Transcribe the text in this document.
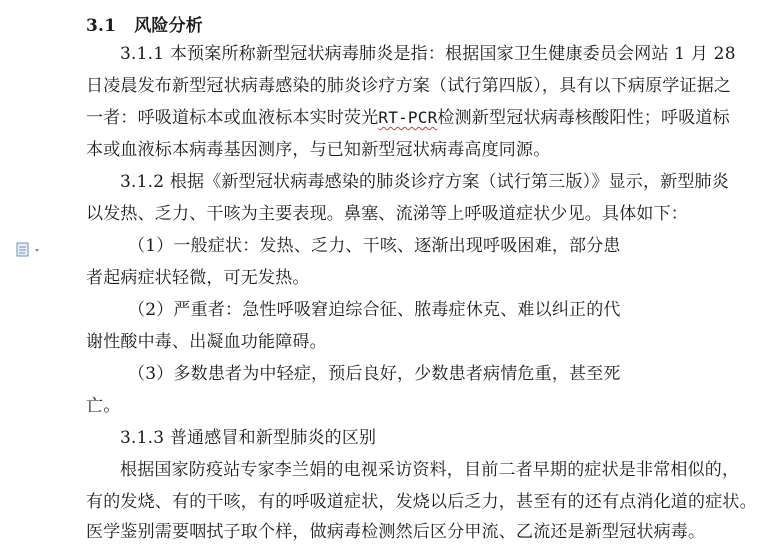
3.1 风险分析
3.1.1 本预案所称新型冠状病毒肺炎是指：根据国家卫生健康委员会网站 1 月 28
日凌晨发布新型冠状病毒感染的肺炎诊疗方案（试行第四版），具有以下病原学证据之
一者：呼吸道标本或血液标本实时荧光RT-PCR检测新型冠状病毒核酸阳性；呼吸道标
本或血液标本病毒基因测序，与已知新型冠状病毒高度同源。
3.1.2 根据《新型冠状病毒感染的肺炎诊疗方案（试行第三版）》显示，新型肺炎
以发热、乏力、干咳为主要表现。鼻塞、流涕等上呼吸道症状少见。具体如下：
（1）一般症状：发热、乏力、干咳、逐渐出现呼吸困难，部分患
者起病症状轻微，可无发热。
（2）严重者：急性呼吸窘迫综合征、脓毒症休克、难以纠正的代
谢性酸中毒、出凝血功能障碍。
（3）多数患者为中轻症，预后良好，少数患者病情危重，甚至死
亡。
3.1.3 普通感冒和新型肺炎的区别
根据国家防疫站专家李兰娟的电视采访资料，目前二者早期的症状是非常相似的，
有的发烧、有的干咳，有的呼吸道症状，发烧以后乏力，甚至有的还有点消化道的症状。
医学鉴别需要咽拭子取个样，做病毒检测然后区分甲流、乙流还是新型冠状病毒。
